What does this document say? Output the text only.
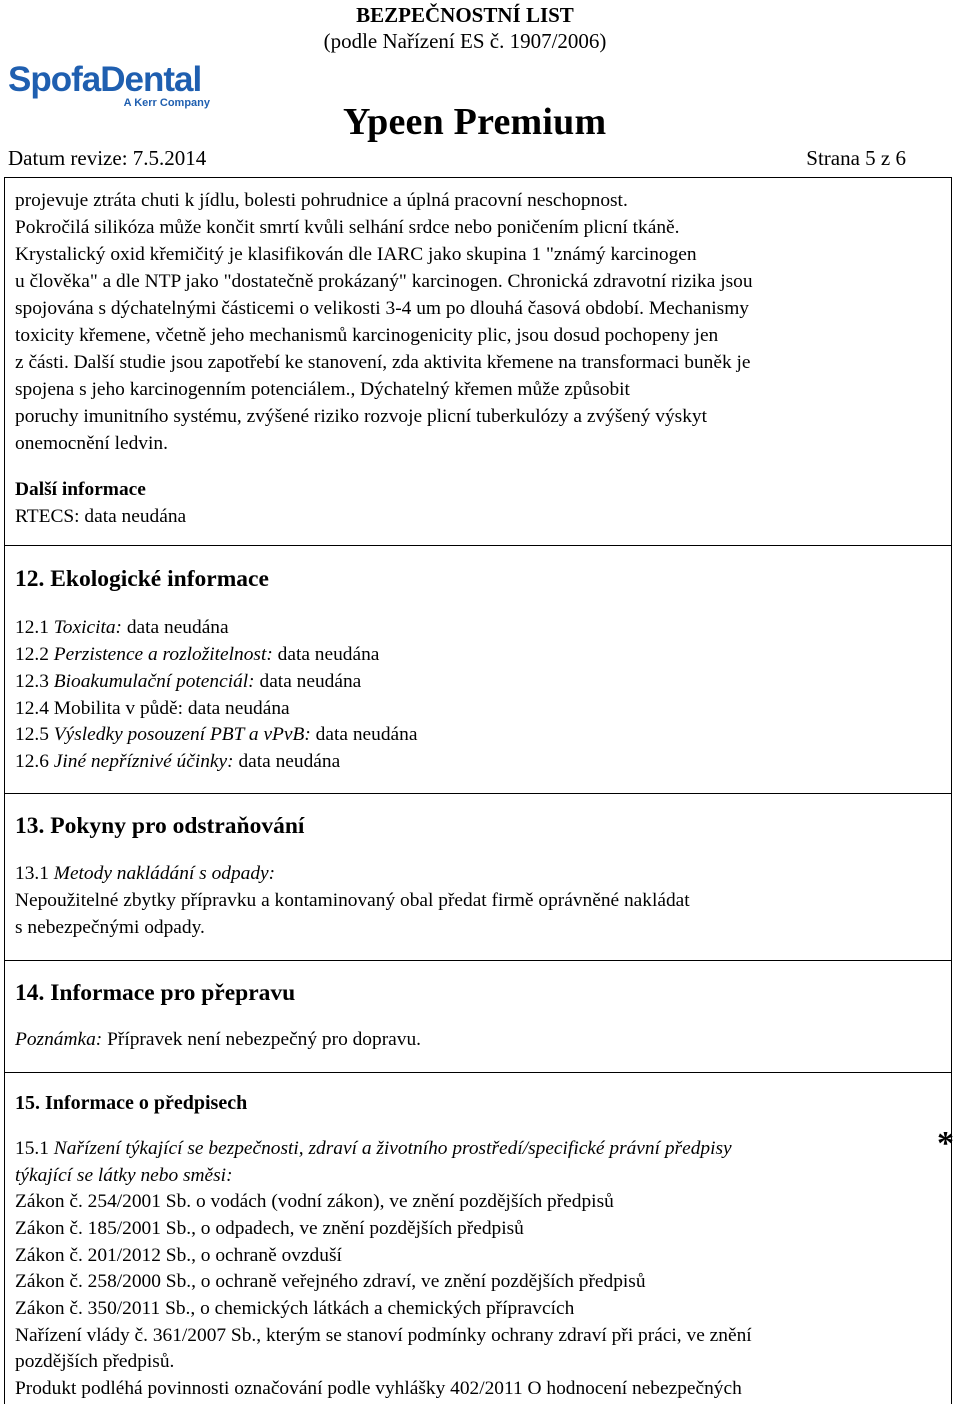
BEZPEČNOSTNÍ LIST
(podle Nařízení ES č. 1907/2006)
SpofaDental
A Kerr Company	Ypeen Premium
Datum revize: 7.5.2014	Strana 5 z 6
projevuje ztráta chuti k jídlu, bolesti pohrudnice a úplná pracovní neschopnost.
Pokročilá silikóza může končit smrtí kvůli selhání srdce nebo poničením plicní tkáně.
Krystalický oxid křemičitý je klasifikován dle IARC jako skupina 1 "známý karcinogen
u člověka" a dle NTP jako "dostatečně prokázaný" karcinogen. Chronická zdravotní rizika jsou
spojována s dýchatelnými částicemi o velikosti 3-4 um po dlouhá časová období. Mechanismy
toxicity křemene, včetně jeho mechanismů karcinogenicity plic, jsou dosud pochopeny jen
z části. Další studie jsou zapotřebí ke stanovení, zda aktivita křemene na transformaci buněk je
spojena s jeho karcinogenním potenciálem., Dýchatelný křemen může způsobit
poruchy imunitního systému, zvýšené riziko rozvoje plicní tuberkulózy a zvýšený výskyt
onemocnění ledvin.
Další informace
RTECS: data neudána
12. Ekologické informace
12.1 Toxicita: data neudána
12.2 Perzistence a rozložitelnost: data neudána
12.3 Bioakumulační potenciál: data neudána
12.4 Mobilita v půdě: data neudána
12.5 Výsledky posouzení PBT a vPvB: data neudána
12.6 Jiné nepříznivé účinky: data neudána
13. Pokyny pro odstraňování
13.1 Metody nakládání s odpady:
Nepoužitelné zbytky přípravku a kontaminovaný obal předat firmě oprávněné nakládat
s nebezpečnými odpady.
14. Informace pro přepravu
Poznámka: Přípravek není nebezpečný pro dopravu.
15. Informace o předpisech
15.1 Nařízení týkající se bezpečnosti, zdraví a životního prostředí/specifické právní předpisy
týkající se látky nebo směsi:
*
Zákon č. 254/2001 Sb. o vodách (vodní zákon), ve znění pozdějších předpisů
Zákon č. 185/2001 Sb., o odpadech, ve znění pozdějších předpisů
Zákon č. 201/2012 Sb., o ochraně ovzduší
Zákon č. 258/2000 Sb., o ochraně veřejného zdraví, ve znění pozdějších předpisů
Zákon č. 350/2011 Sb., o chemických látkách a chemických přípravcích
Nařízení vlády č. 361/2007 Sb., kterým se stanoví podmínky ochrany zdraví při práci, ve znění
pozdějších předpisů.
Produkt podléhá povinnosti označování podle vyhlášky 402/2011 O hodnocení nebezpečných
